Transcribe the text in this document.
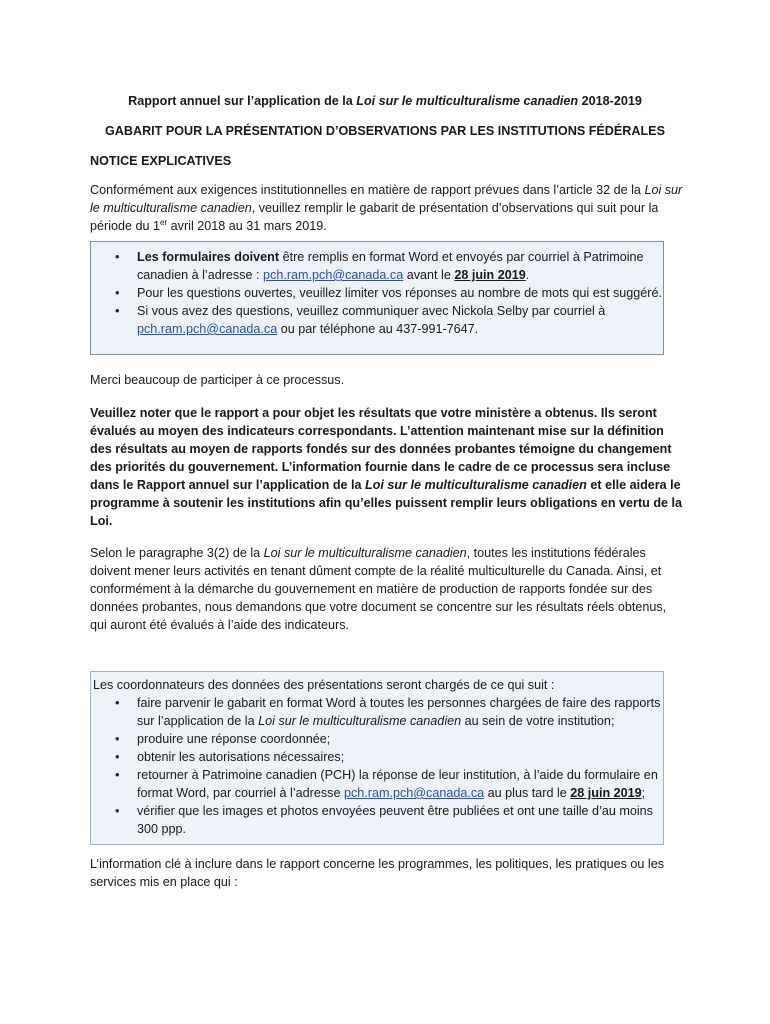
Rapport annuel sur l’application de la Loi sur le multiculturalisme canadien 2018-2019
GABARIT POUR LA PRÉSENTATION D’OBSERVATIONS PAR LES INSTITUTIONS FÉDÉRALES
NOTICE EXPLICATIVES

Conformément aux exigences institutionnelles en matière de rapport prévues dans l’article 32 de la Loi sur le multiculturalisme canadien, veuillez remplir le gabarit de présentation d’observations qui suit pour la période du 1er avril 2018 au 31 mars 2019.

• Les formulaires doivent être remplis en format Word et envoyés par courriel à Patrimoine canadien à l’adresse : pch.ram.pch@canada.ca avant le 28 juin 2019.
• Pour les questions ouvertes, veuillez limiter vos réponses au nombre de mots qui est suggéré.
• Si vous avez des questions, veuillez communiquer avec Nickola Selby par courriel à pch.ram.pch@canada.ca ou par téléphone au 437-991-7647.

Merci beaucoup de participer à ce processus.

Veuillez noter que le rapport a pour objet les résultats que votre ministère a obtenus. Ils seront évalués au moyen des indicateurs correspondants. L’attention maintenant mise sur la définition des résultats au moyen de rapports fondés sur des données probantes témoigne du changement des priorités du gouvernement. L’information fournie dans le cadre de ce processus sera incluse dans le Rapport annuel sur l’application de la Loi sur le multiculturalisme canadien et elle aidera le programme à soutenir les institutions afin qu’elles puissent remplir leurs obligations en vertu de la Loi.

Selon le paragraphe 3(2) de la Loi sur le multiculturalisme canadien, toutes les institutions fédérales doivent mener leurs activités en tenant dûment compte de la réalité multiculturelle du Canada. Ainsi, et conformément à la démarche du gouvernement en matière de production de rapports fondée sur des données probantes, nous demandons que votre document se concentre sur les résultats réels obtenus, qui auront été évalués à l’aide des indicateurs.

Les coordonnateurs des données des présentations seront chargés de ce qui suit :

• faire parvenir le gabarit en format Word à toutes les personnes chargées de faire des rapports sur l’application de la Loi sur le multiculturalisme canadien au sein de votre institution;
• produire une réponse coordonnée;
• obtenir les autorisations nécessaires;
• retourner à Patrimoine canadien (PCH) la réponse de leur institution, à l’aide du formulaire en format Word, par courriel à l’adresse pch.ram.pch@canada.ca au plus tard le 28 juin 2019;
• vérifier que les images et photos envoyées peuvent être publiées et ont une taille d’au moins 300 ppp.

L’information clé à inclure dans le rapport concerne les programmes, les politiques, les pratiques ou les services mis en place qui :
